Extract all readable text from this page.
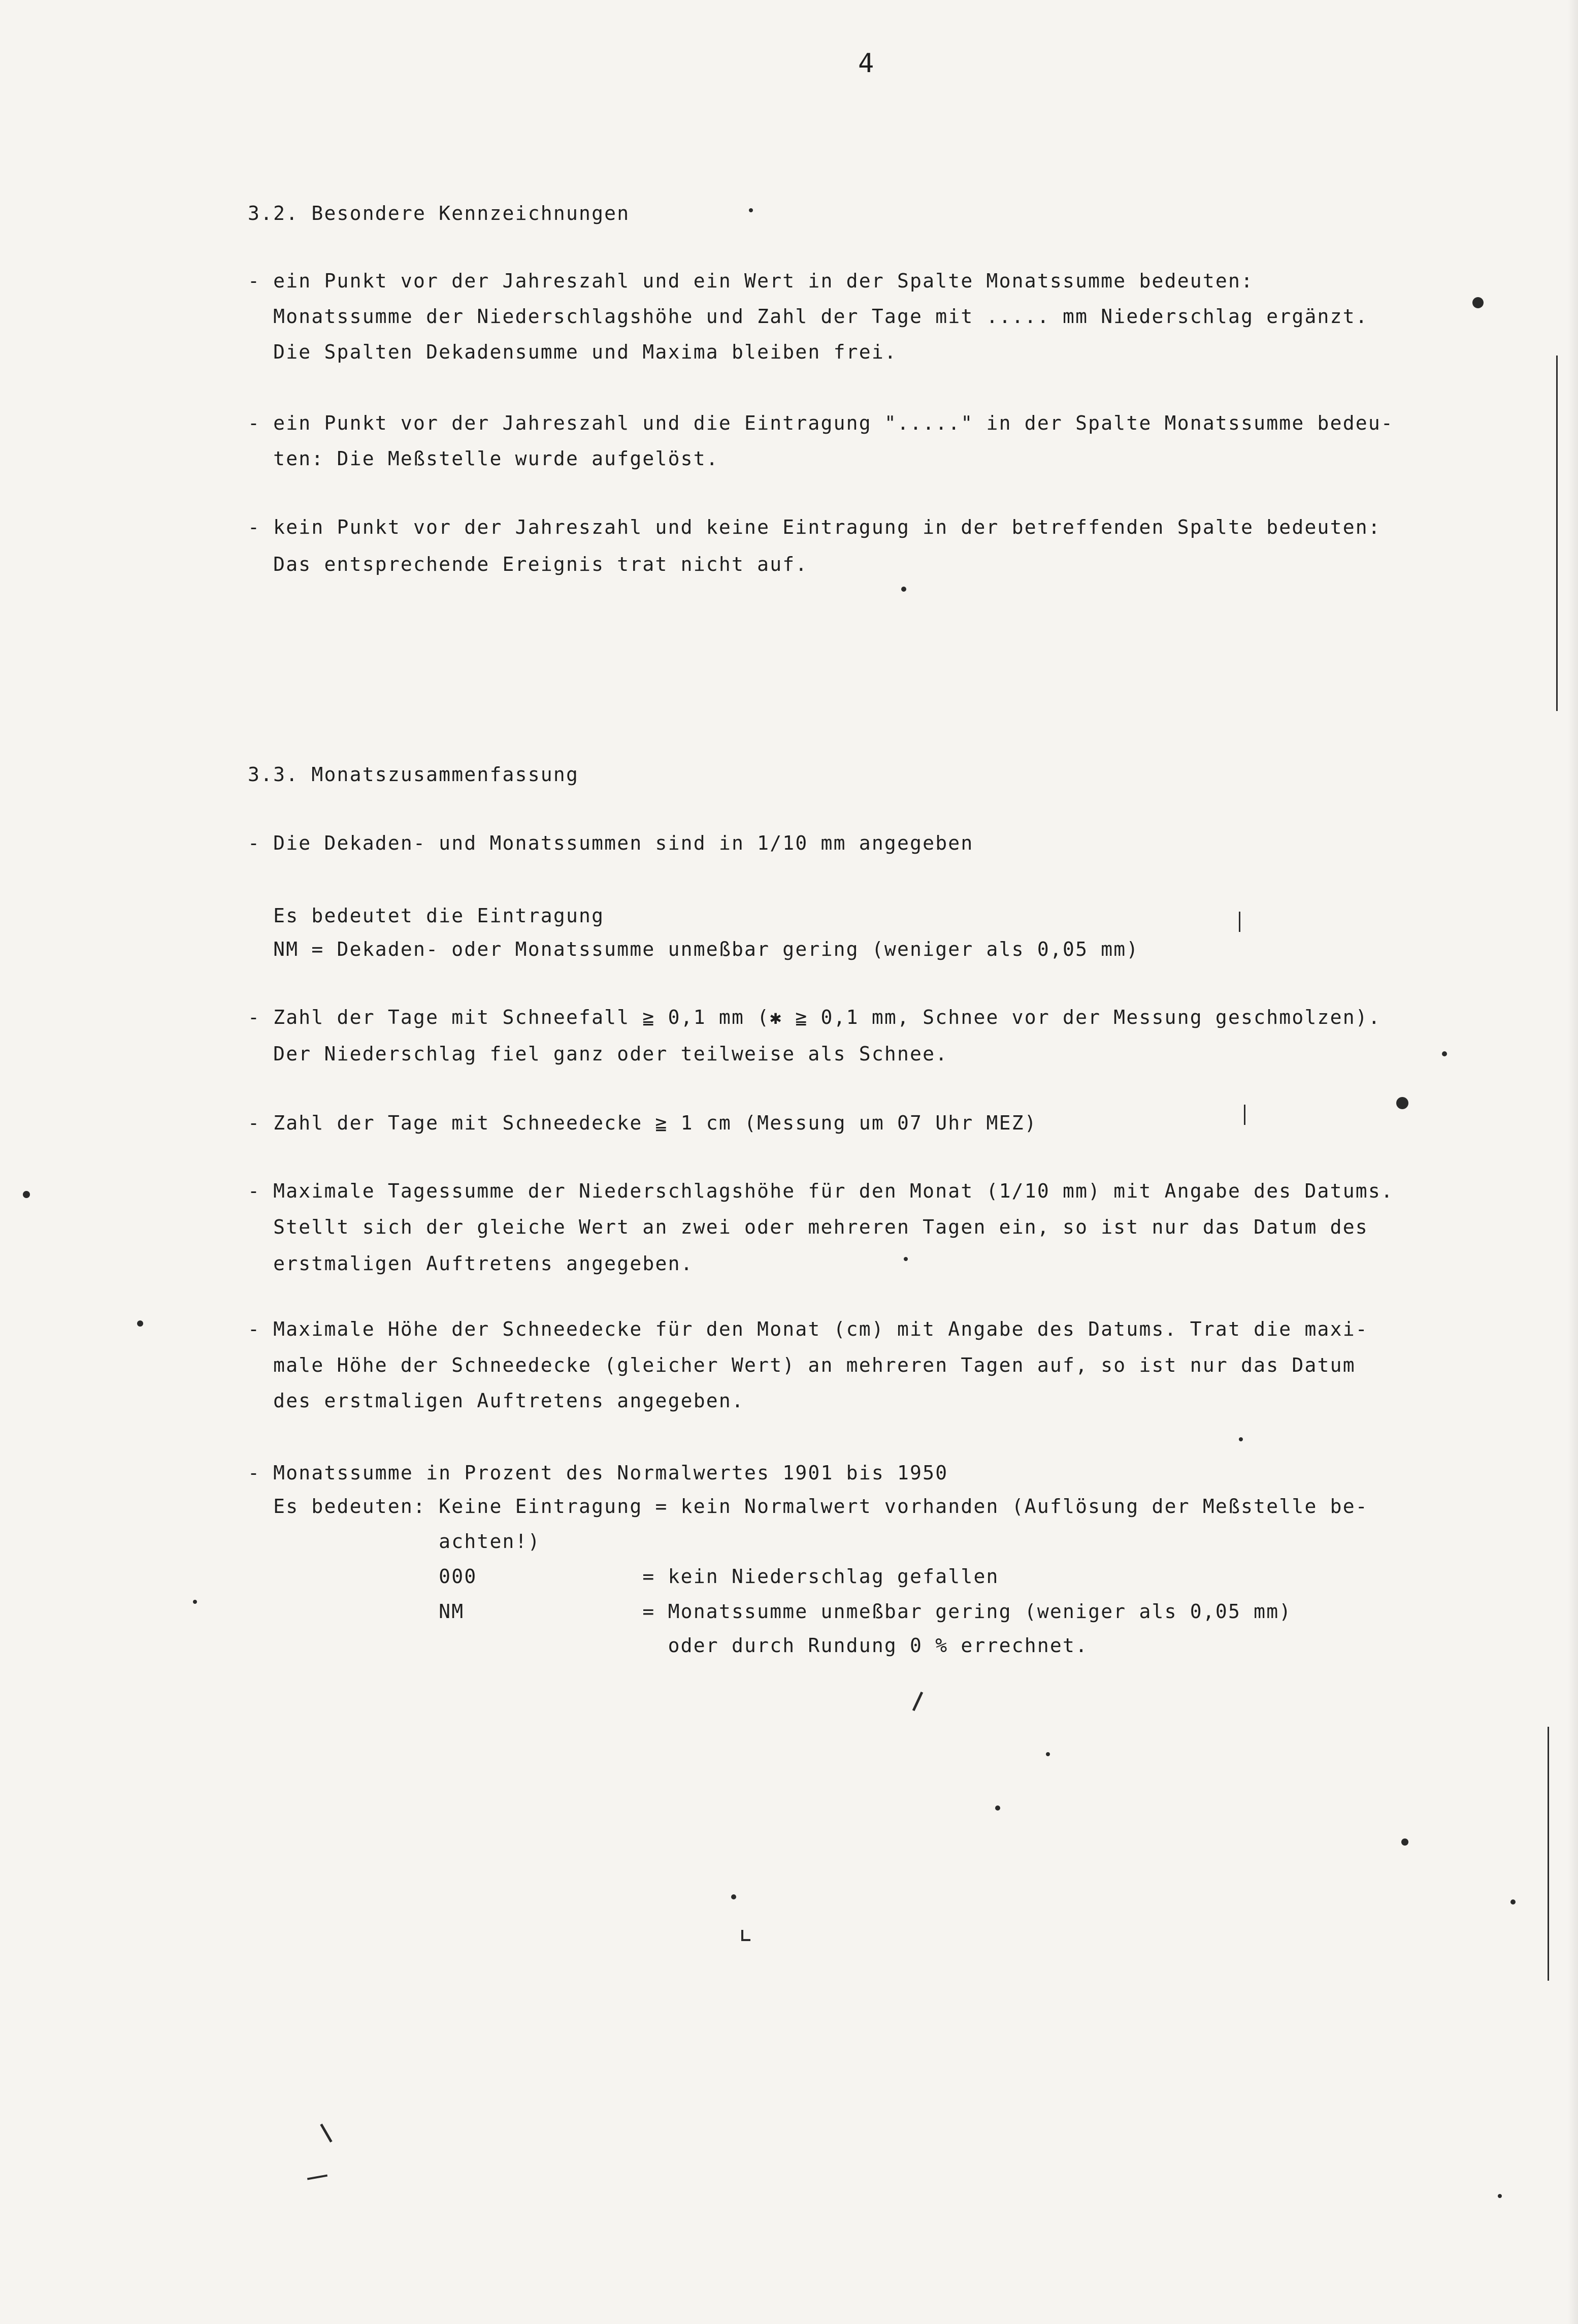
4
3.2. Besondere Kennzeichnungen
- ein Punkt vor der Jahreszahl und ein Wert in der Spalte Monatssumme bedeuten:
Monatssumme der Niederschlagshöhe und Zahl der Tage mit ..... mm Niederschlag ergänzt.
Die Spalten Dekadensumme und Maxima bleiben frei.
- ein Punkt vor der Jahreszahl und die Eintragung "....." in der Spalte Monatssumme bedeu-
ten: Die Meßstelle wurde aufgelöst.
- kein Punkt vor der Jahreszahl und keine Eintragung in der betreffenden Spalte bedeuten:
Das entsprechende Ereignis trat nicht auf.
3.3. Monatszusammenfassung
- Die Dekaden- und Monatssummen sind in 1/10 mm angegeben
Es bedeutet die Eintragung
NM = Dekaden- oder Monatssumme unmeßbar gering (weniger als 0,05 mm)
- Zahl der Tage mit Schneefall ≧ 0,1 mm (✱ ≧ 0,1 mm, Schnee vor der Messung geschmolzen).
Der Niederschlag fiel ganz oder teilweise als Schnee.
- Zahl der Tage mit Schneedecke ≧ 1 cm (Messung um 07 Uhr MEZ)
- Maximale Tagessumme der Niederschlagshöhe für den Monat (1/10 mm) mit Angabe des Datums.
Stellt sich der gleiche Wert an zwei oder mehreren Tagen ein, so ist nur das Datum des
erstmaligen Auftretens angegeben.
- Maximale Höhe der Schneedecke für den Monat (cm) mit Angabe des Datums. Trat die maxi-
male Höhe der Schneedecke (gleicher Wert) an mehreren Tagen auf, so ist nur das Datum
des erstmaligen Auftretens angegeben.
- Monatssumme in Prozent des Normalwertes 1901 bis 1950
Es bedeuten: Keine Eintragung = kein Normalwert vorhanden (Auflösung der Meßstelle be-
achten!)
000             = kein Niederschlag gefallen
NM              = Monatssumme unmeßbar gering (weniger als 0,05 mm)
oder durch Rundung 0 % errechnet.
